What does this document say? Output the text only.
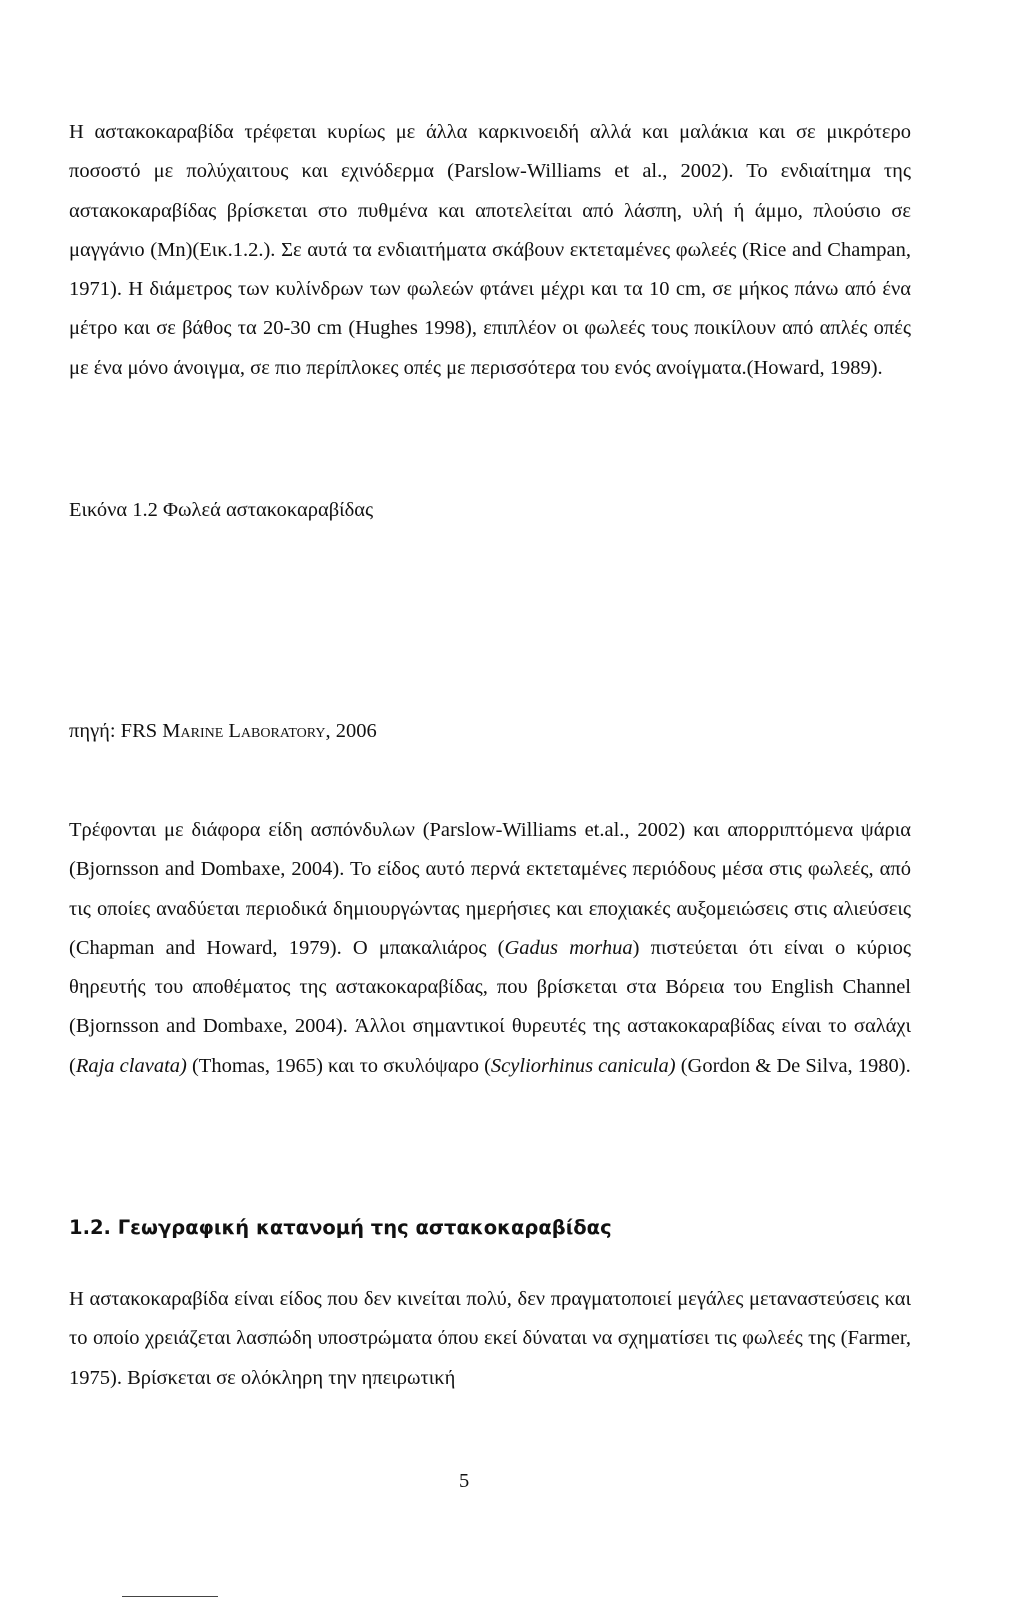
Η αστακοκαραβίδα τρέφεται κυρίως με άλλα καρκινοειδή αλλά και μαλάκια και σε μικρότερο ποσοστό με πολύχαιτους και εχινόδερμα (Parslow-Williams et al., 2002). Το ενδιαίτημα της αστακοκαραβίδας βρίσκεται στο πυθμένα και αποτελείται από λάσπη, υλή ή άμμο, πλούσιο σε μαγγάνιο (Mn)(Εικ.1.2.). Σε αυτά τα ενδιαιτήματα σκάβουν εκτεταμένες φωλεές (Rice and Champan, 1971). Η διάμετρος των κυλίνδρων των φωλεών φτάνει μέχρι και τα 10 cm, σε μήκος πάνω από ένα μέτρο και σε βάθος τα 20-30 cm (Hughes 1998), επιπλέον οι φωλεές τους ποικίλουν από απλές οπές με ένα μόνο άνοιγμα, σε πιο περίπλοκες οπές με περισσότερα του ενός ανοίγματα.(Howard, 1989).

Εικόνα 1.2 Φωλεά αστακοκαραβίδας
πηγή: FRS Marine Laboratory, 2006

Τρέφονται με διάφορα είδη ασπόνδυλων (Parslow-Williams et.al., 2002) και απορριπτόμενα ψάρια (Bjornsson and Dombaxe, 2004). Το είδος αυτό περνά εκτεταμένες περιόδους μέσα στις φωλεές, από τις οποίες αναδύεται περιοδικά δημιουργώντας ημερήσιες και εποχιακές αυξομειώσεις στις αλιεύσεις (Chapman and Howard, 1979). Ο μπακαλιάρος (Gadus morhua) πιστεύεται ότι είναι ο κύριος θηρευτής του αποθέματος της αστακοκαραβίδας, που βρίσκεται στα Βόρεια του English Channel (Bjornsson and Dombaxe, 2004). Άλλοι σημαντικοί θυρευτές της αστακοκαραβίδας είναι το σαλάχι (Raja clavata) (Thomas, 1965) και το σκυλόψαρο (Scyliorhinus canicula) (Gordon & De Silva, 1980).

1.2. Γεωγραφική κατανομή της αστακοκαραβίδας

Η αστακοκαραβίδα είναι είδος που δεν κινείται πολύ, δεν πραγματοποιεί μεγάλες μεταναστεύσεις και το οποίο χρειάζεται λασπώδη υποστρώματα όπου εκεί δύναται να σχηματίσει τις φωλεές της (Farmer, 1975). Βρίσκεται σε ολόκληρη την ηπειρωτική

5
